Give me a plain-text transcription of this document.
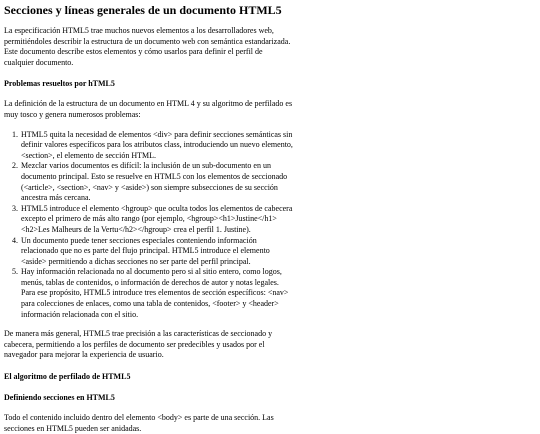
Secciones y líneas generales de un documento HTML5

La especificación HTML5 trae muchos nuevos elementos a los desarrolladores web, permitiéndoles describir la estructura de un documento web con semántica estandarizada. Este documento describe estos elementos y cómo usarlos para definir el perfil de cualquier documento.

Problemas resueltos por hTML5

La definición de la estructura de un documento en HTML 4 y su algoritmo de perfilado es muy tosco y genera numerosos problemas:

1. HTML5 quita la necesidad de elementos <div> para definir secciones semánticas sin definir valores específicos para los atributos class, introduciendo un nuevo elemento, <section>, el elemento de sección HTML.
2. Mezclar varios documentos es difícil: la inclusión de un sub-documento en un documento principal. Esto se resuelve en HTML5 con los elementos de seccionado (<article>, <section>, <nav> y <aside>) son siempre subsecciones de su sección ancestra más cercana.
3. HTML5 introduce el elemento <hgroup> que oculta todos los elementos de cabecera excepto el primero de más alto rango (por ejemplo, <hgroup><h1>Justine</h1><h2>Les Malheurs de la Vertu</h2></hgroup> crea el perfil 1. Justine).
4. Un documento puede tener secciones especiales conteniendo información relacionado que no es parte del flujo principal. HTML5 introduce el elemento <aside> permitiendo a dichas secciones no ser parte del perfil principal.
5. Hay información relacionada no al documento pero si al sitio entero, como logos, menús, tablas de contenidos, o información de derechos de autor y notas legales. Para ese propósito, HTML5 introduce tres elementos de sección específicos: <nav> para colecciones de enlaces, como una tabla de contenidos, <footer> y <header> información relacionada con el sitio.

De manera más general, HTML5 trae precisión a las características de seccionado y cabecera, permitiendo a los perfiles de documento ser predecibles y usados por el navegador para mejorar la experiencia de usuario.

El algoritmo de perfilado de HTML5
Definiendo secciones en HTML5

Todo el contenido incluido dentro del elemento <body> es parte de una sección. Las secciones en HTML5 pueden ser anidadas.
